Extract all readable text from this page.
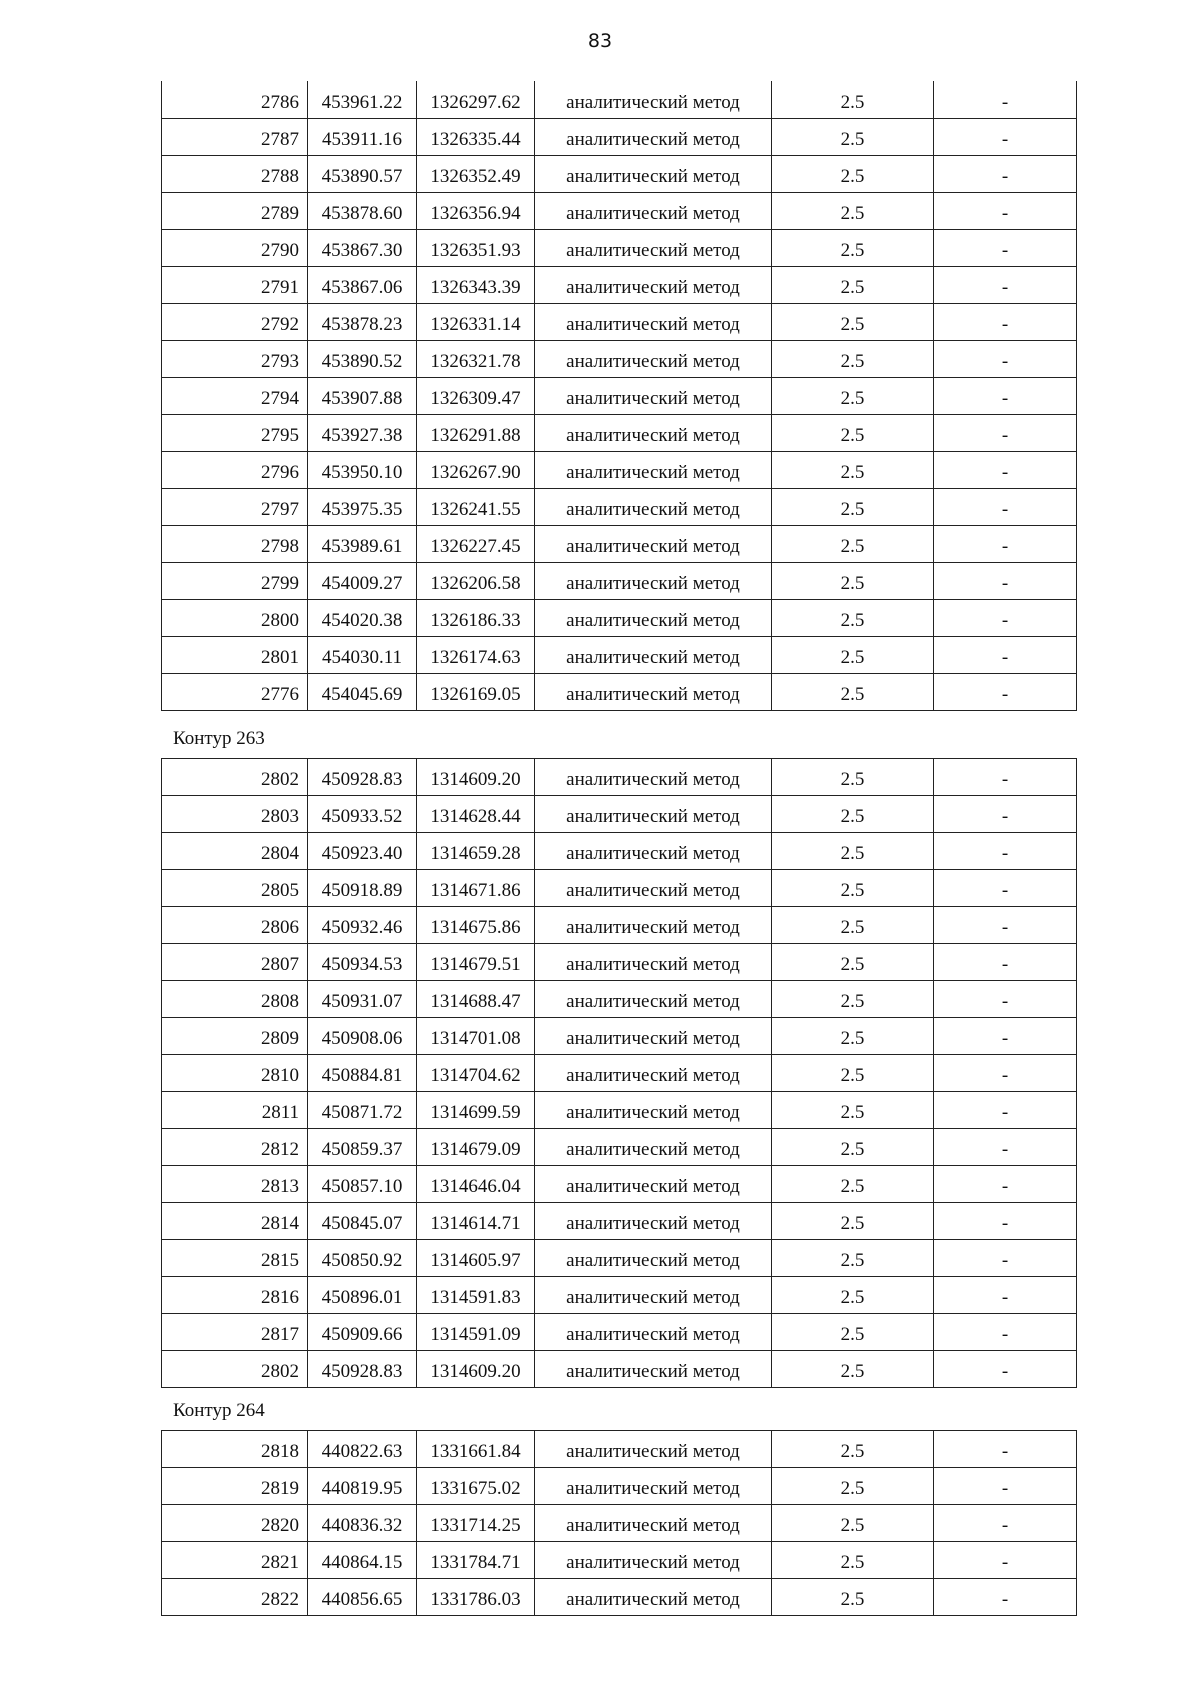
83
2786	453961.22	1326297.62	аналитический метод	2.5	-
2787	453911.16	1326335.44	аналитический метод	2.5	-
2788	453890.57	1326352.49	аналитический метод	2.5	-
2789	453878.60	1326356.94	аналитический метод	2.5	-
2790	453867.30	1326351.93	аналитический метод	2.5	-
2791	453867.06	1326343.39	аналитический метод	2.5	-
2792	453878.23	1326331.14	аналитический метод	2.5	-
2793	453890.52	1326321.78	аналитический метод	2.5	-
2794	453907.88	1326309.47	аналитический метод	2.5	-
2795	453927.38	1326291.88	аналитический метод	2.5	-
2796	453950.10	1326267.90	аналитический метод	2.5	-
2797	453975.35	1326241.55	аналитический метод	2.5	-
2798	453989.61	1326227.45	аналитический метод	2.5	-
2799	454009.27	1326206.58	аналитический метод	2.5	-
2800	454020.38	1326186.33	аналитический метод	2.5	-
2801	454030.11	1326174.63	аналитический метод	2.5	-
2776	454045.69	1326169.05	аналитический метод	2.5	-
Контур 263
2802	450928.83	1314609.20	аналитический метод	2.5	-
2803	450933.52	1314628.44	аналитический метод	2.5	-
2804	450923.40	1314659.28	аналитический метод	2.5	-
2805	450918.89	1314671.86	аналитический метод	2.5	-
2806	450932.46	1314675.86	аналитический метод	2.5	-
2807	450934.53	1314679.51	аналитический метод	2.5	-
2808	450931.07	1314688.47	аналитический метод	2.5	-
2809	450908.06	1314701.08	аналитический метод	2.5	-
2810	450884.81	1314704.62	аналитический метод	2.5	-
2811	450871.72	1314699.59	аналитический метод	2.5	-
2812	450859.37	1314679.09	аналитический метод	2.5	-
2813	450857.10	1314646.04	аналитический метод	2.5	-
2814	450845.07	1314614.71	аналитический метод	2.5	-
2815	450850.92	1314605.97	аналитический метод	2.5	-
2816	450896.01	1314591.83	аналитический метод	2.5	-
2817	450909.66	1314591.09	аналитический метод	2.5	-
2802	450928.83	1314609.20	аналитический метод	2.5	-
Контур 264
2818	440822.63	1331661.84	аналитический метод	2.5	-
2819	440819.95	1331675.02	аналитический метод	2.5	-
2820	440836.32	1331714.25	аналитический метод	2.5	-
2821	440864.15	1331784.71	аналитический метод	2.5	-
2822	440856.65	1331786.03	аналитический метод	2.5	-
